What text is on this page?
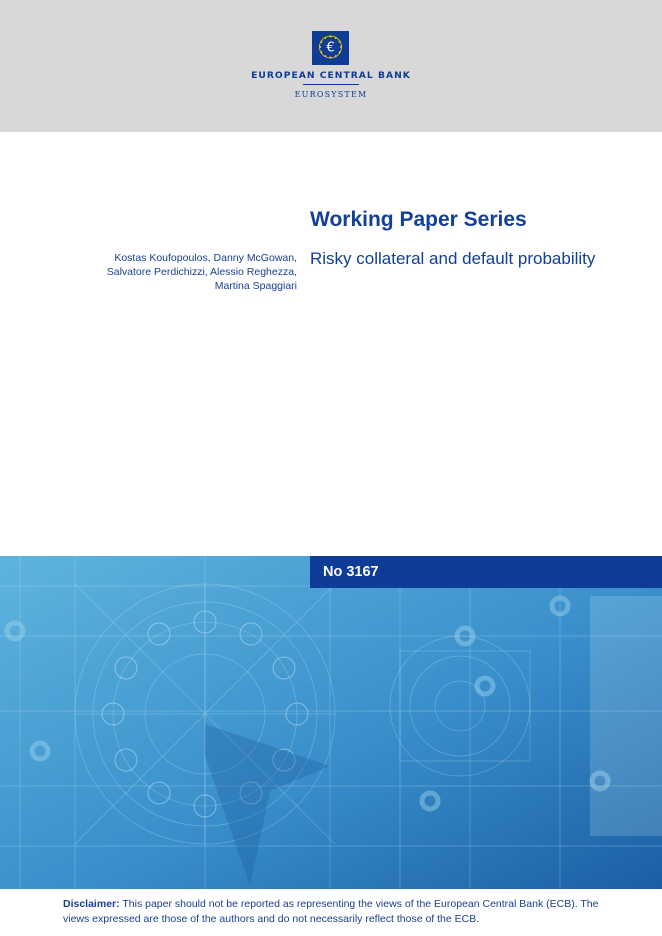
€
EUROPEAN CENTRAL BANK
EUROSYSTEM
Working Paper Series
Risky collateral and default probability
Kostas Koufopoulos, Danny McGowan,
Salvatore Perdichizzi, Alessio Reghezza,
Martina Spaggiari
No 3167
Disclaimer: This paper should not be reported as representing the views of the European Central Bank (ECB). The views expressed are those of the authors and do not necessarily reflect those of the ECB.
